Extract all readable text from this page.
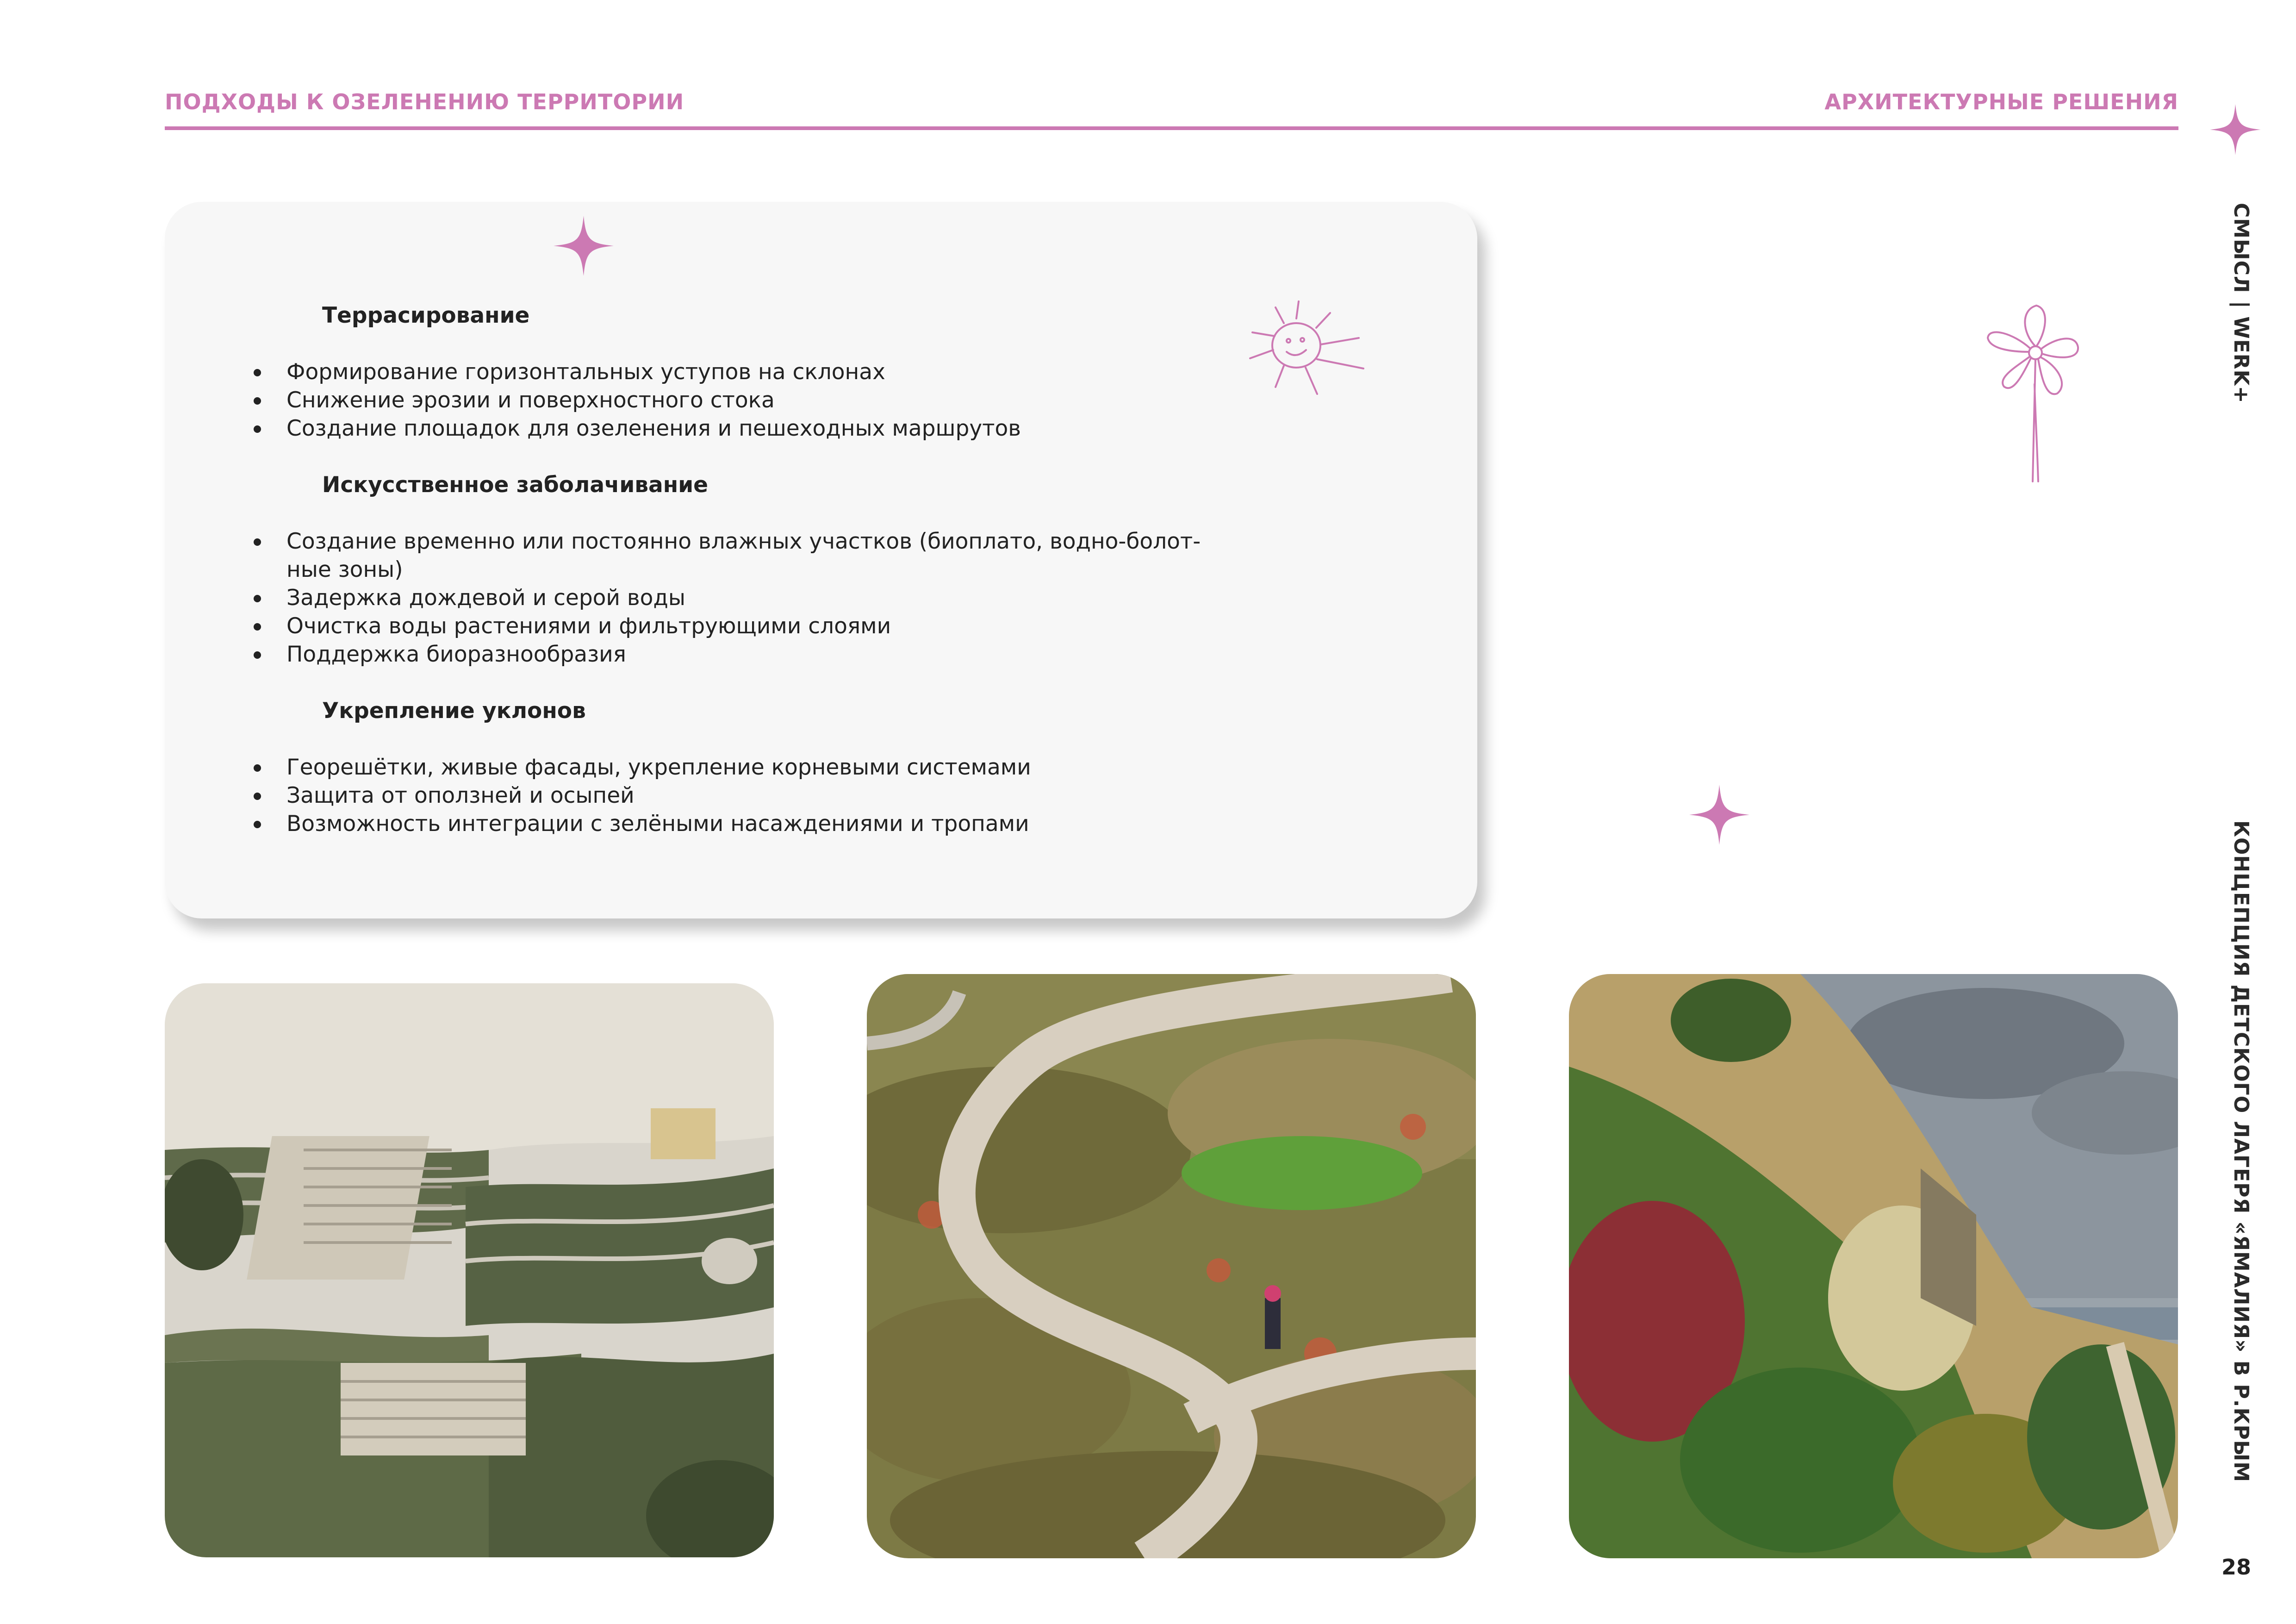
ПОДХОДЫ К ОЗЕЛЕНЕНИЮ ТЕРРИТОРИИ	АРХИТЕКТУРНЫЕ РЕШЕНИЯ
СМЫСЛ | WERK+
КОНЦЕПЦИЯ ДЕТСКОГО ЛАГЕРЯ «ЯМАЛИЯ» В Р.КРЫМ
Террасирование
Формирование горизонтальных уступов на склонах
Снижение эрозии и поверхностного стока
Создание площадок для озеленения и пешеходных маршрутов
Искусственное заболачивание
Создание временно или постоянно влажных участков (биоплато, водно-болот-ные зоны)
Задержка дождевой и серой воды
Очистка воды растениями и фильтрующими слоями
Поддержка биоразнообразия
Укрепление уклонов
Георешётки, живые фасады, укрепление корневыми системами
Защита от оползней и осыпей
Возможность интеграции с зелёными насаждениями и тропами
28
